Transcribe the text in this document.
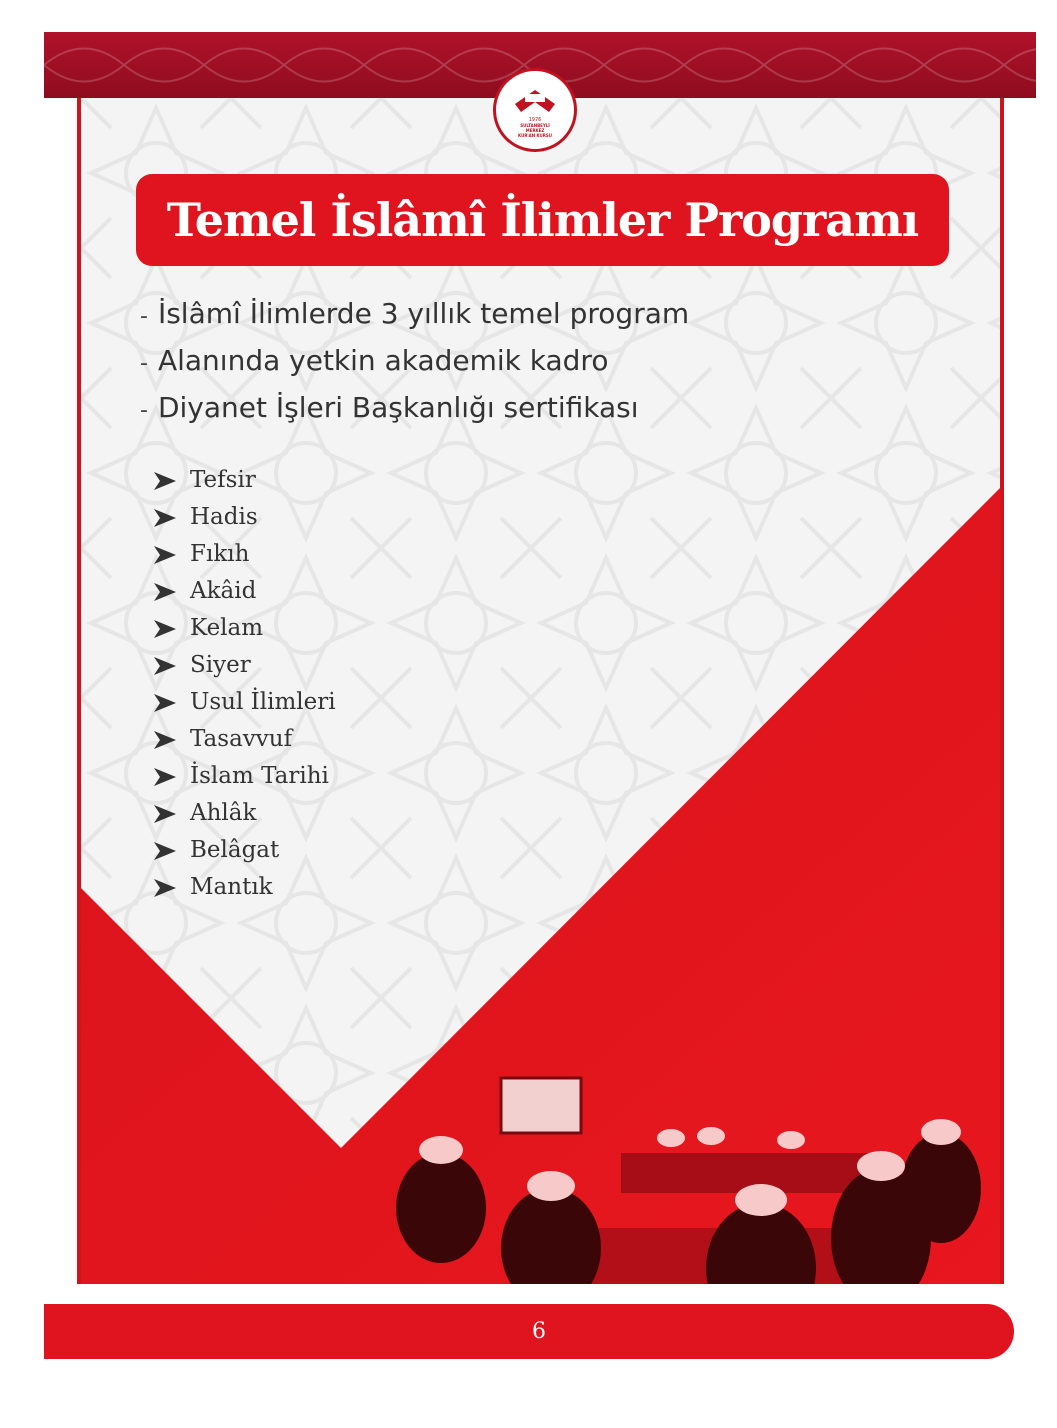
1976
SULTANBEYLİ
MERKEZ
KUR'AN KURSU
Temel İslâmî İlimler Programı
- İslâmî İlimlerde 3 yıllık temel program
- Alanında yetkin akademik kadro
- Diyanet İşleri Başkanlığı sertifikası
Tefsir
Hadis
Fıkıh
Akâid
Kelam
Siyer
Usul İlimleri
Tasavvuf
İslam Tarihi
Ahlâk
Belâgat
Mantık
6
